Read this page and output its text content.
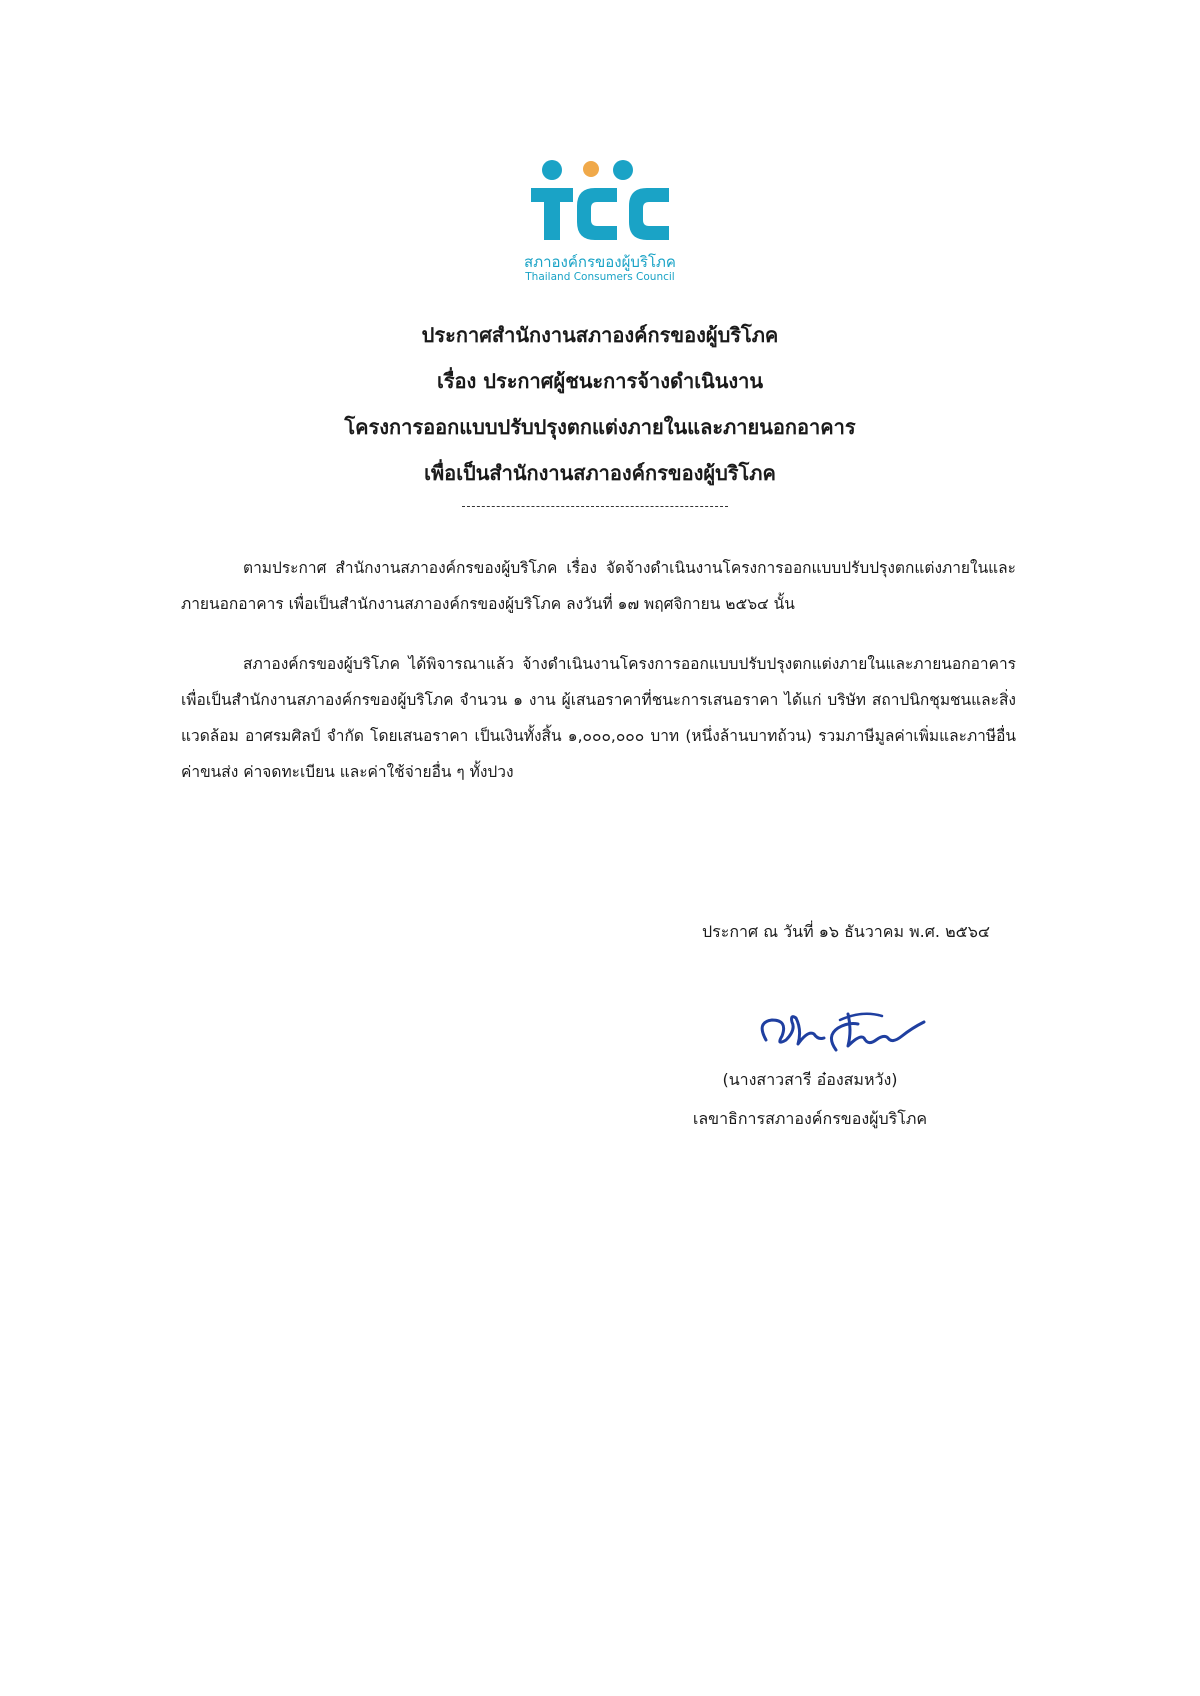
สภาองค์กรของผู้บริโภค
Thailand Consumers Council
ประกาศสำนักงานสภาองค์กรของผู้บริโภค
เรื่อง ประกาศผู้ชนะการจ้างดำเนินงาน
โครงการออกแบบปรับปรุงตกแต่งภายในและภายนอกอาคาร
เพื่อเป็นสำนักงานสภาองค์กรของผู้บริโภค

ตามประกาศ สำนักงานสภาองค์กรของผู้บริโภค เรื่อง จัดจ้างดำเนินงานโครงการออกแบบปรับปรุงตกแต่งภายในและภายนอกอาคาร เพื่อเป็นสำนักงานสภาองค์กรของผู้บริโภค ลงวันที่ ๑๗ พฤศจิกายน ๒๕๖๔ นั้น

สภาองค์กรของผู้บริโภค ได้พิจารณาแล้ว จ้างดำเนินงานโครงการออกแบบปรับปรุงตกแต่งภายในและภายนอกอาคาร เพื่อเป็นสำนักงานสภาองค์กรของผู้บริโภค จำนวน ๑ งาน ผู้เสนอราคาที่ชนะการเสนอราคา ได้แก่ บริษัท สถาปนิกชุมชนและสิ่งแวดล้อม อาศรมศิลป์ จำกัด โดยเสนอราคา เป็นเงินทั้งสิ้น ๑,๐๐๐,๐๐๐ บาท (หนึ่งล้านบาทถ้วน) รวมภาษีมูลค่าเพิ่มและภาษีอื่น ค่าขนส่ง ค่าจดทะเบียน และค่าใช้จ่ายอื่น ๆ ทั้งปวง

ประกาศ ณ วันที่ ๑๖ ธันวาคม พ.ศ. ๒๕๖๔
(นางสาวสารี อ๋องสมหวัง)
เลขาธิการสภาองค์กรของผู้บริโภค
